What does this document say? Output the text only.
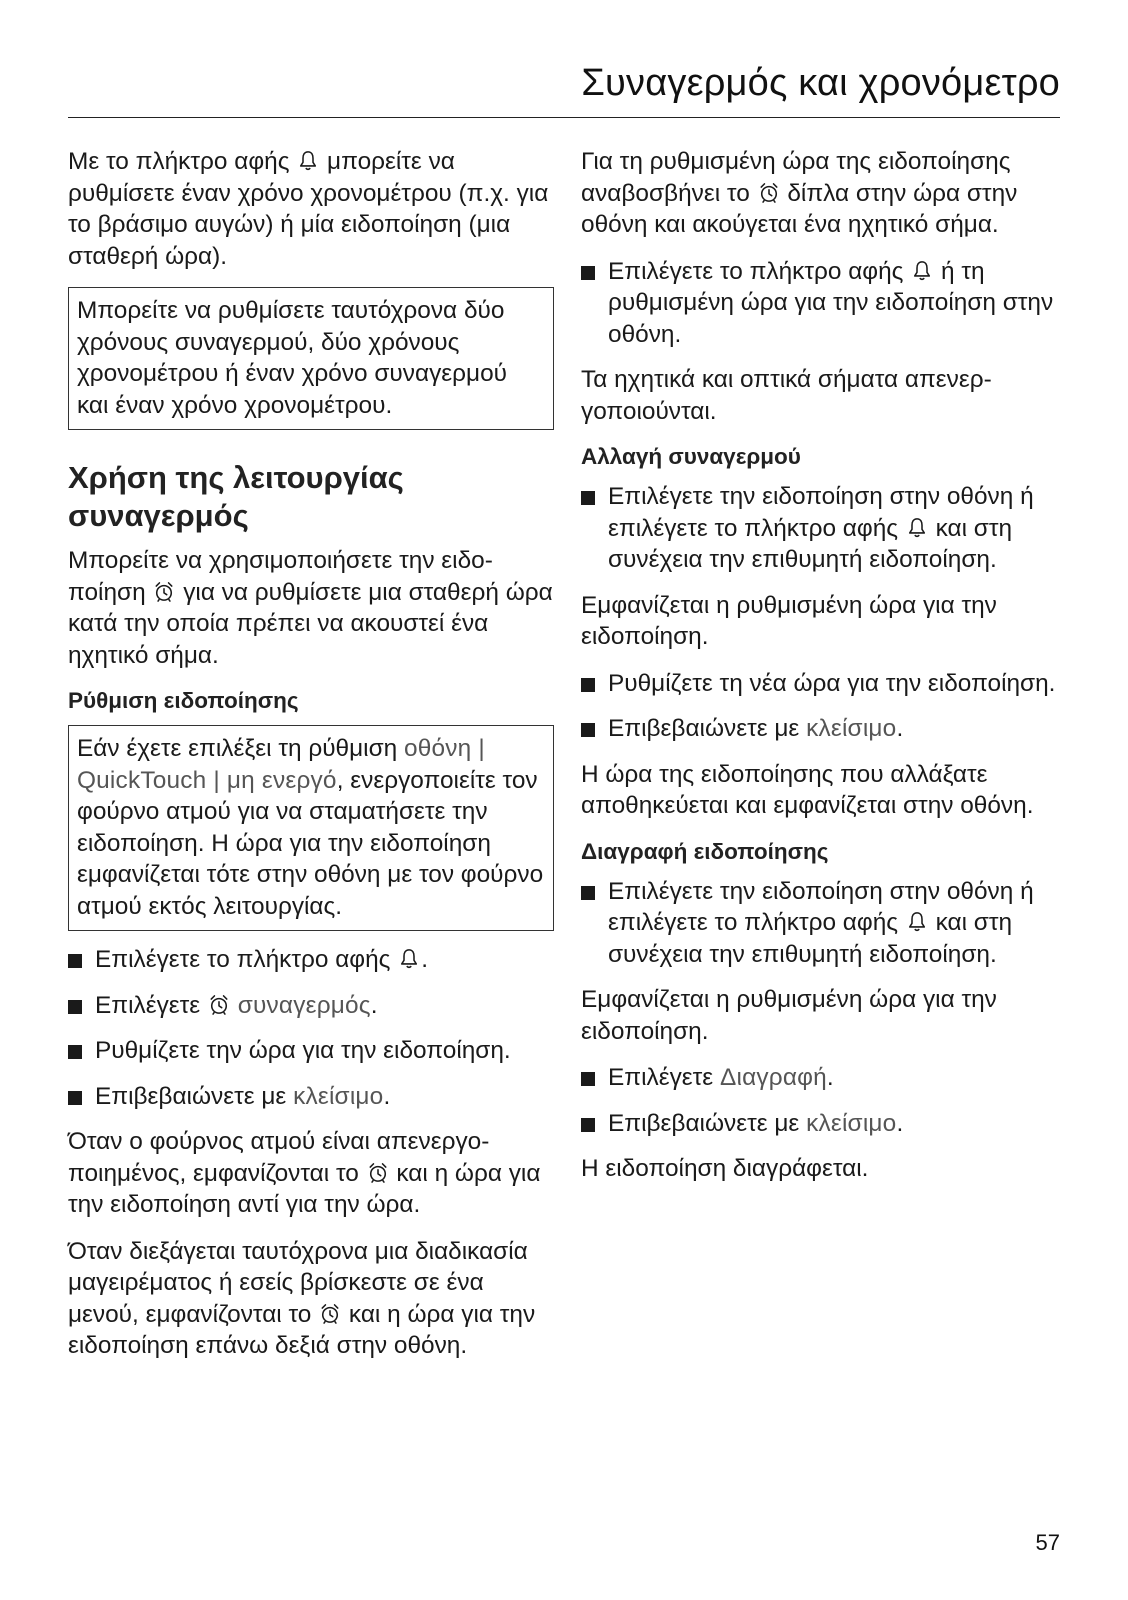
Συναγερμός και χρονόμετρο

Με το πλήκτρο αφής μπορείτε να ρυθμίσετε έναν χρόνο χρονομέτρου (π.χ. για το βράσιμο αυγών) ή μία ειδοποίηση (μια σταθερή ώρα).

Μπορείτε να ρυθμίσετε ταυτόχρονα δύο χρόνους συναγερμού, δύο χρόνους χρονομέτρου ή έναν χρόνο συναγερμού και έναν χρόνο χρονομέτρου.

Χρήση της λειτουργίας συναγερμός

Μπορείτε να χρησιμοποιήσετε την ειδοποίηση για να ρυθμίσετε μια σταθερή ώρα κατά την οποία πρέπει να ακουστεί ένα ηχητικό σήμα.

Ρύθμιση ειδοποίησης

Εάν έχετε επιλέξει τη ρύθμιση οθόνη | QuickTouch | μη ενεργό, ενεργοποιείτε τον φούρνο ατμού για να σταματήσετε την ειδοποίηση. Η ώρα για την ειδοποίηση εμφανίζεται τότε στην οθόνη με τον φούρνο ατμού εκτός λειτουργίας.

Επιλέγετε το πλήκτρο αφής .
Επιλέγετε συναγερμός.
Ρυθμίζετε την ώρα για την ειδοποίηση.
Επιβεβαιώνετε με κλείσιμο.

Όταν ο φούρνος ατμού είναι απενεργοποιημένος, εμφανίζονται το και η ώρα για την ειδοποίηση αντί για την ώρα.

Όταν διεξάγεται ταυτόχρονα μια διαδικασία μαγειρέματος ή εσείς βρίσκεστε σε ένα μενού, εμφανίζονται το και η ώρα για την ειδοποίηση επάνω δεξιά στην οθόνη.

Για τη ρυθμισμένη ώρα της ειδοποίησης αναβοσβήνει το δίπλα στην ώρα στην οθόνη και ακούγεται ένα ηχητικό σήμα.

Επιλέγετε το πλήκτρο αφής ή τη ρυθμισμένη ώρα για την ειδοποίηση στην οθόνη.

Τα ηχητικά και οπτικά σήματα απενεργοποιούνται.

Αλλαγή συναγερμού
Επιλέγετε την ειδοποίηση στην οθόνη ή επιλέγετε το πλήκτρο αφής και στη συνέχεια την επιθυμητή ειδοποίηση.

Εμφανίζεται η ρυθμισμένη ώρα για την ειδοποίηση.

Ρυθμίζετε τη νέα ώρα για την ειδοποίηση.
Επιβεβαιώνετε με κλείσιμο.

Η ώρα της ειδοποίησης που αλλάξατε αποθηκεύεται και εμφανίζεται στην οθόνη.

Διαγραφή ειδοποίησης
Επιλέγετε την ειδοποίηση στην οθόνη ή επιλέγετε το πλήκτρο αφής και στη συνέχεια την επιθυμητή ειδοποίηση.

Εμφανίζεται η ρυθμισμένη ώρα για την ειδοποίηση.

Επιλέγετε Διαγραφή.
Επιβεβαιώνετε με κλείσιμο.

Η ειδοποίηση διαγράφεται.

57
